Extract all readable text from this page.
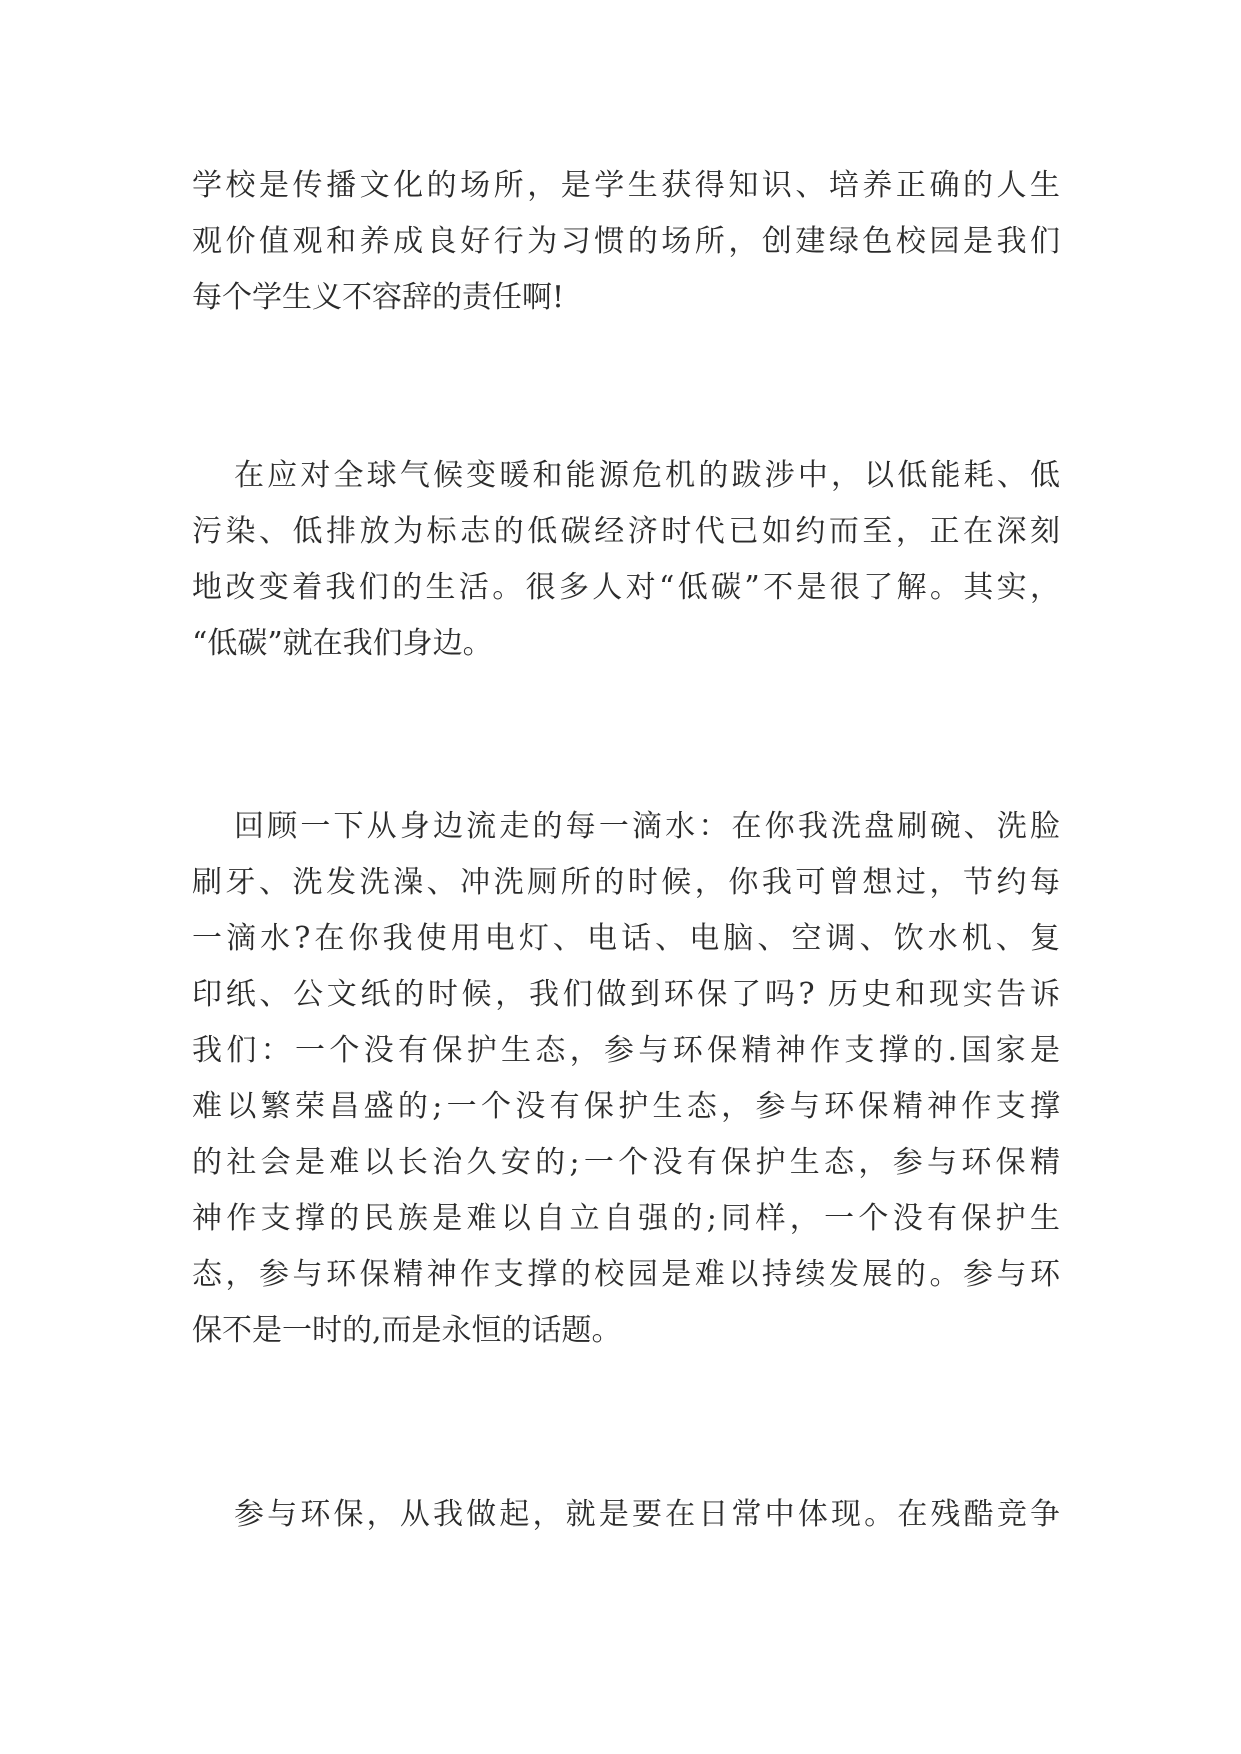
学校是传播文化的场所，是学生获得知识、培养正确的人生
观价值观和养成良好行为习惯的场所，创建绿色校园是我们
每个学生义不容辞的责任啊!
在应对全球气候变暖和能源危机的跋涉中，以低能耗、低
污染、低排放为标志的低碳经济时代已如约而至，正在深刻
地改变着我们的生活。很多人对“低碳”不是很了解。其实，
“低碳”就在我们身边。
回顾一下从身边流走的每一滴水：在你我洗盘刷碗、洗脸
刷牙、洗发洗澡、冲洗厕所的时候，你我可曾想过，节约每
一滴水?在你我使用电灯、电话、电脑、空调、饮水机、复
印纸、公文纸的时候，我们做到环保了吗? 历史和现实告诉
我们：一个没有保护生态，参与环保精神作支撑的.国家是
难以繁荣昌盛的;一个没有保护生态，参与环保精神作支撑
的社会是难以长治久安的;一个没有保护生态，参与环保精
神作支撑的民族是难以自立自强的;同样，一个没有保护生
态，参与环保精神作支撑的校园是难以持续发展的。参与环
保不是一时的,而是永恒的话题。
参与环保，从我做起，就是要在日常中体现。在残酷竞争
